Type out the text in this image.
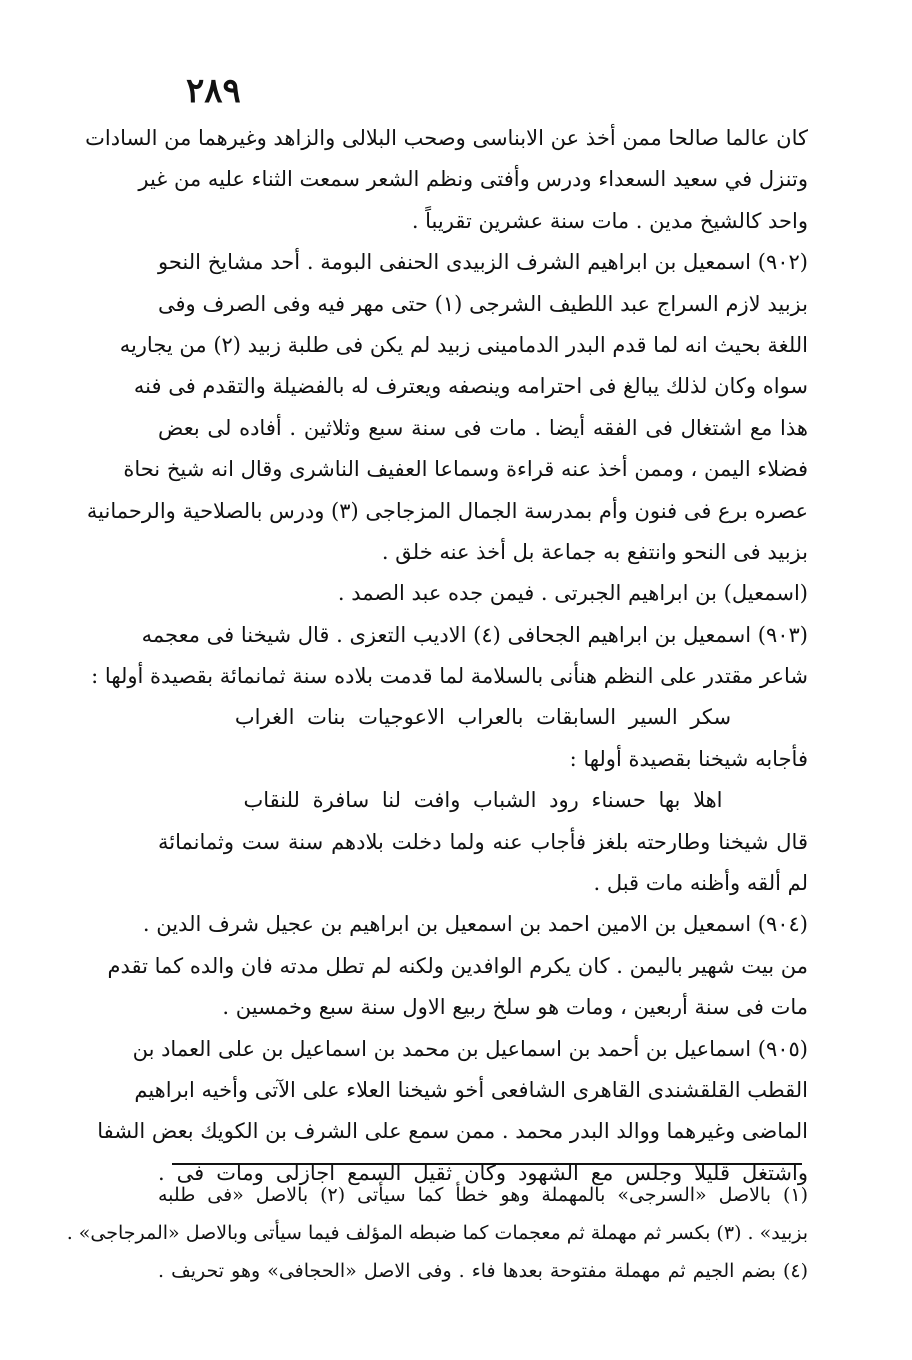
٢٨٩
كان عالما صالحا ممن أخذ عن الابناسى وصحب البلالى والزاهد وغيرهما من السادات
وتنزل في سعيد السعداء ودرس وأفتى ونظم الشعر سمعت الثناء عليه من غير
واحد كالشيخ مدين . مات سنة عشرين تقريباً .
(٩٠٢) اسمعيل بن ابراهيم الشرف الزبيدى الحنفى البومة . أحد مشايخ النحو
بزبيد لازم السراج عبد اللطيف الشرجى (١) حتى مهر فيه وفى الصرف وفى
اللغة بحيث انه لما قدم البدر الدمامينى زبيد لم يكن فى طلبة زبيد (٢) من يجاريه
سواه وكان لذلك يبالغ فى احترامه وينصفه ويعترف له بالفضيلة والتقدم فى فنه
هذا مع اشتغال فى الفقه أيضا . مات فى سنة سبع وثلاثين . أفاده لى بعض
فضلاء اليمن ، وممن أخذ عنه قراءة وسماعا العفيف الناشرى وقال انه شيخ نحاة
عصره برع فى فنون وأم بمدرسة الجمال المزجاجى (٣) ودرس بالصلاحية والرحمانية
بزبيد فى النحو وانتفع به جماعة بل أخذ عنه خلق .
(اسمعيل) بن ابراهيم الجبرتى . فيمن جده عبد الصمد .
(٩٠٣) اسمعيل بن ابراهيم الجحافى (٤) الاديب التعزى . قال شيخنا فى معجمه
شاعر مقتدر على النظم هنأنى بالسلامة لما قدمت بلاده سنة ثمانمائة بقصيدة أولها :
سكر السير السابقات بالعراب الاعوجيات بنات الغراب
فأجابه شيخنا بقصيدة أولها :
اهلا بها حسناء رود الشباب وافت لنا سافرة للنقاب
قال شيخنا وطارحته بلغز فأجاب عنه ولما دخلت بلادهم سنة ست وثمانمائة
لم ألقه وأظنه مات قبل .
(٩٠٤) اسمعيل بن الامين احمد بن اسمعيل بن ابراهيم بن عجيل شرف الدين .
من بيت شهير باليمن . كان يكرم الوافدين ولكنه لم تطل مدته فان والده كما تقدم
مات فى سنة أربعين ، ومات هو سلخ ربيع الاول سنة سبع وخمسين .
(٩٠٥) اسماعيل بن أحمد بن اسماعيل بن محمد بن اسماعيل بن على العماد بن
القطب القلقشندى القاهرى الشافعى أخو شيخنا العلاء على الآتى وأخيه ابراهيم
الماضى وغيرهما ووالد البدر محمد . ممن سمع على الشرف بن الكويك بعض الشفا
واشتغل قليلا وجلس مع الشهود وكان ثقيل السمع اجازلى ومات فى .
(١) بالاصل «السرجى» بالمهملة وهو خطأ كما سيأتى (٢) بالاصل «فى طلبه
بزبيد» . (٣) بكسر ثم مهملة ثم معجمات كما ضبطه المؤلف فيما سيأتى وبالاصل «المرجاجى» .
(٤) بضم الجيم ثم مهملة مفتوحة بعدها فاء . وفى الاصل «الحجافى» وهو تحريف .
